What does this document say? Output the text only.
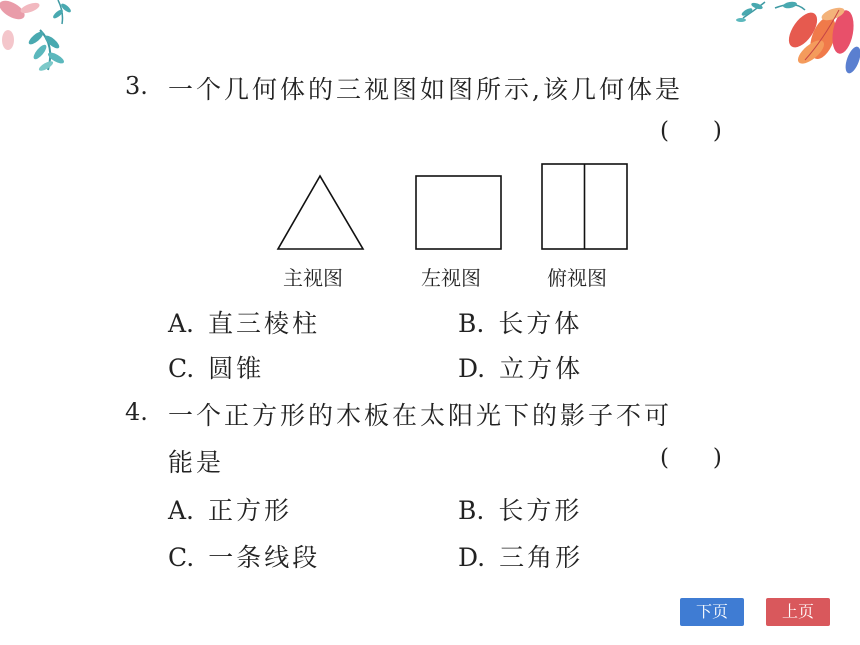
3. 一个几何体的三视图如图所示,该几何体是
(      )
主视图	左视图	俯视图
A. 直三棱柱	B. 长方体
C. 圆锥	D. 立方体
4. 一个正方形的木板在太阳光下的影子不可
能是	(      )
A. 正方形	B. 长方形
C. 一条线段	D. 三角形
下页	上页
